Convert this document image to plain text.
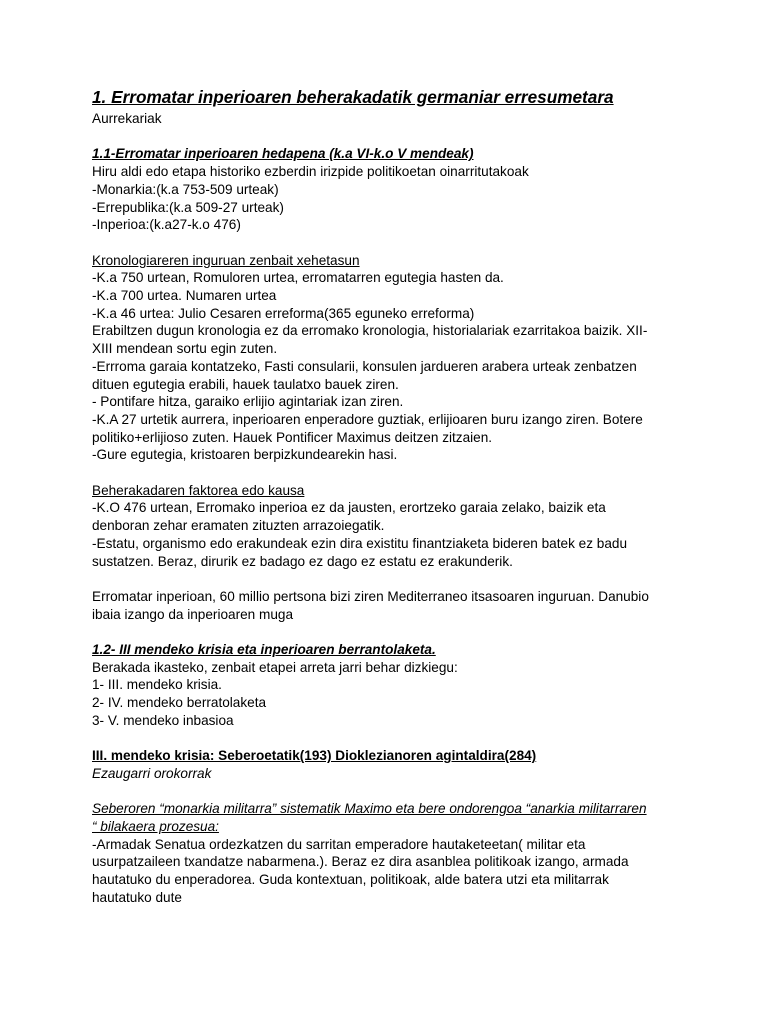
1. Erromatar inperioaren beherakadatik germaniar erresumetara
Aurrekariak
1.1-Erromatar inperioaren hedapena (k.a VI-k.o V mendeak)
Hiru aldi edo etapa historiko ezberdin irizpide politikoetan oinarritutakoak
-Monarkia:(k.a 753-509 urteak)
-Errepublika:(k.a 509-27 urteak)
-Inperioa:(k.a27-k.o 476)
Kronologiareren inguruan zenbait xehetasun
-K.a 750 urtean, Romuloren urtea, erromatarren egutegia hasten da.
-K.a 700 urtea. Numaren urtea
-K.a 46 urtea: Julio Cesaren erreforma(365 eguneko erreforma)
Erabiltzen dugun kronologia ez da erromako kronologia, historialariak ezarritakoa baizik. XII-
XIII mendean sortu egin zuten.
-Errroma garaia kontatzeko, Fasti consularii, konsulen jardueren arabera urteak zenbatzen
dituen egutegia erabili, hauek taulatxo bauek ziren.
- Pontifare hitza, garaiko erlijio agintariak izan ziren.
-K.A 27 urtetik aurrera, inperioaren enperadore guztiak, erlijioaren buru izango ziren. Botere
politiko+erlijioso zuten. Hauek Pontificer Maximus deitzen zitzaien.
-Gure egutegia, kristoaren berpizkundearekin hasi.
Beherakadaren faktorea edo kausa
-K.O 476 urtean, Erromako inperioa ez da jausten, erortzeko garaia zelako, baizik eta
denboran zehar eramaten zituzten arrazoiegatik.
-Estatu, organismo edo erakundeak ezin dira existitu finantziaketa bideren batek ez badu
sustatzen. Beraz, dirurik ez badago ez dago ez estatu ez erakunderik.
Erromatar inperioan, 60 millio pertsona bizi ziren Mediterraneo itsasoaren inguruan. Danubio
ibaia izango da inperioaren muga
1.2- III mendeko krisia eta inperioaren berrantolaketa.
Berakada ikasteko, zenbait etapei arreta jarri behar dizkiegu:
1- III. mendeko krisia.
2- IV. mendeko berratolaketa
3- V. mendeko inbasioa
III. mendeko krisia: Seberoetatik(193) Dioklezianoren agintaldira(284)
Ezaugarri orokorrak
Seberoren “monarkia militarra” sistematik Maximo eta bere ondorengoa “anarkia militarraren
“ bilakaera prozesua:
-Armadak Senatua ordezkatzen du sarritan emperadore hautaketeetan( militar eta
usurpatzaileen txandatze nabarmena.). Beraz ez dira asanblea politikoak izango, armada
hautatuko du enperadorea. Guda kontextuan, politikoak, alde batera utzi eta militarrak
hautatuko dute
